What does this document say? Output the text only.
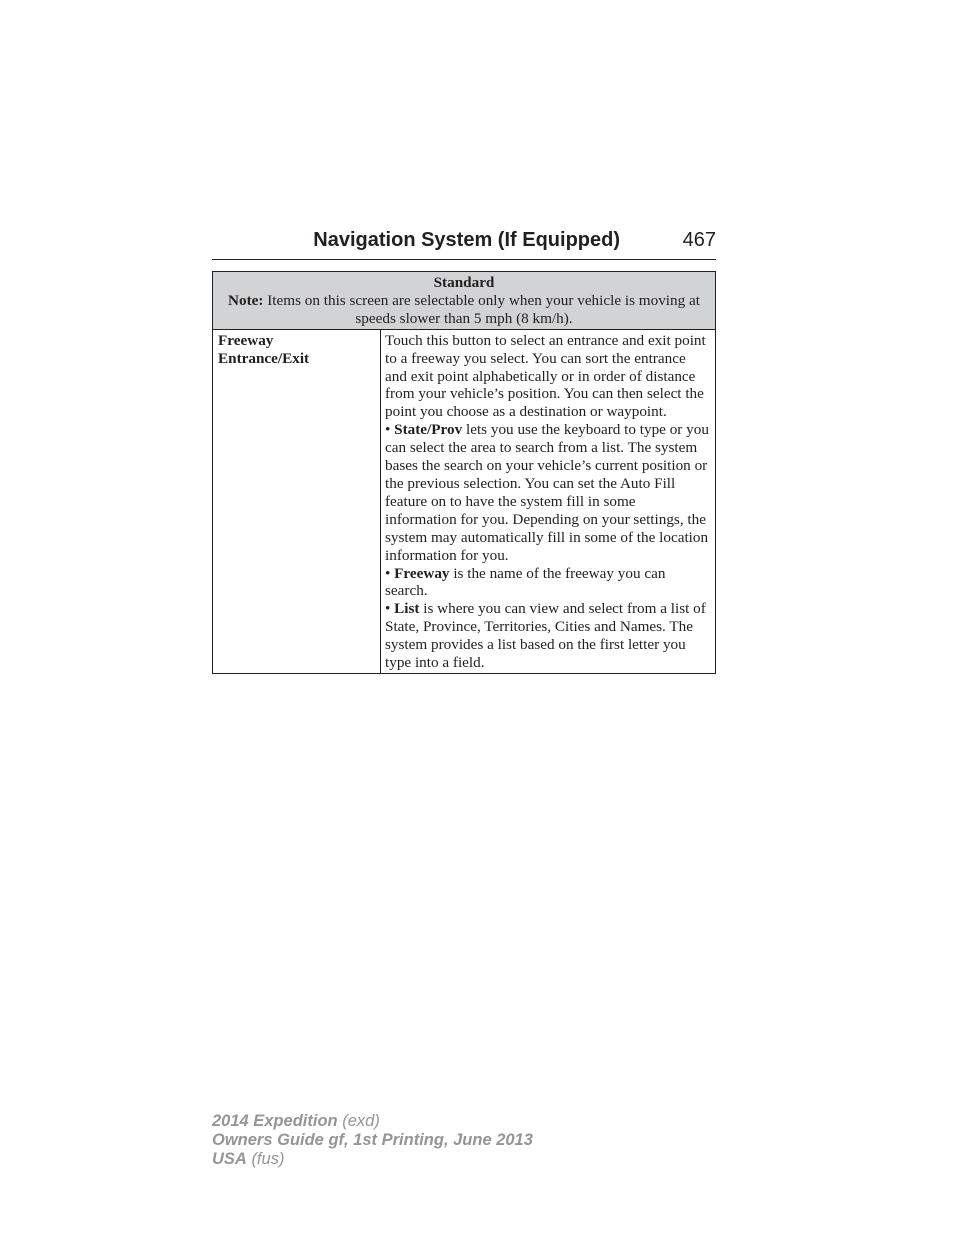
Navigation System (If Equipped)	467
Standard
Note: Items on this screen are selectable only when your vehicle is moving at speeds slower than 5 mph (8 km/h).
Freeway
Entrance/Exit	Touch this button to select an entrance and exit point to a freeway you select. You can sort the entrance and exit point alphabetically or in order of distance from your vehicle’s position. You can then select the point you choose as a destination or waypoint.
• State/Prov lets you use the keyboard to type or you can select the area to search from a list. The system bases the search on your vehicle’s current position or the previous selection. You can set the Auto Fill feature on to have the system fill in some information for you. Depending on your settings, the system may automatically fill in some of the location information for you.
• Freeway is the name of the freeway you can search.
• List is where you can view and select from a list of State, Province, Territories, Cities and Names. The system provides a list based on the first letter you type into a field.
2014 Expedition (exd)
Owners Guide gf, 1st Printing, June 2013
USA (fus)
